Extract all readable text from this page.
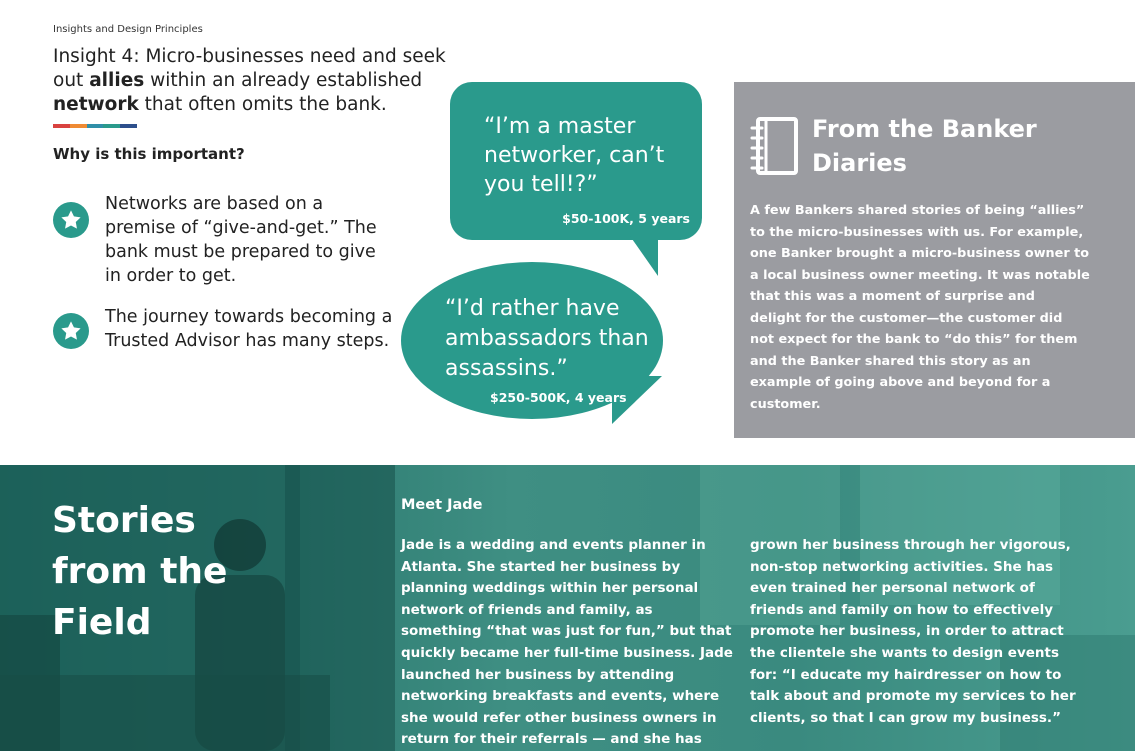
Insights and Design Principles
Insight 4: Micro-businesses need and seek out allies within an already established network that often omits the bank.
Why is this important?

Networks are based on a premise of “give-and-get.” The bank must be prepared to give in order to get.

The journey towards becoming a Trusted Advisor has many steps.

“I’m a master networker, can’t you tell!?”

$50-100K, 5 years

“I’d rather have ambassadors than assassins.”

$250-500K, 4 years

From the Banker Diaries

A few Bankers shared stories of being “allies” to the micro-businesses with us. For example, one Banker brought a micro-business owner to a local business owner meeting. It was notable that this was a moment of surprise and delight for the customer—the customer did not expect for the bank to “do this” for them and the Banker shared this story as an example of going above and beyond for a customer.

Stories from the Field

Meet Jade

Jade is a wedding and events planner in Atlanta. She started her business by planning weddings within her personal network of friends and family, as something “that was just for fun,” but that quickly became her full-time business. Jade launched her business by attending networking breakfasts and events, where she would refer other business owners in return for their referrals — and she has

grown her business through her vigorous, non-stop networking activities. She has even trained her personal network of friends and family on how to effectively promote her business, in order to attract the clientele she wants to design events for: “I educate my hairdresser on how to talk about and promote my services to her clients, so that I can grow my business.”
